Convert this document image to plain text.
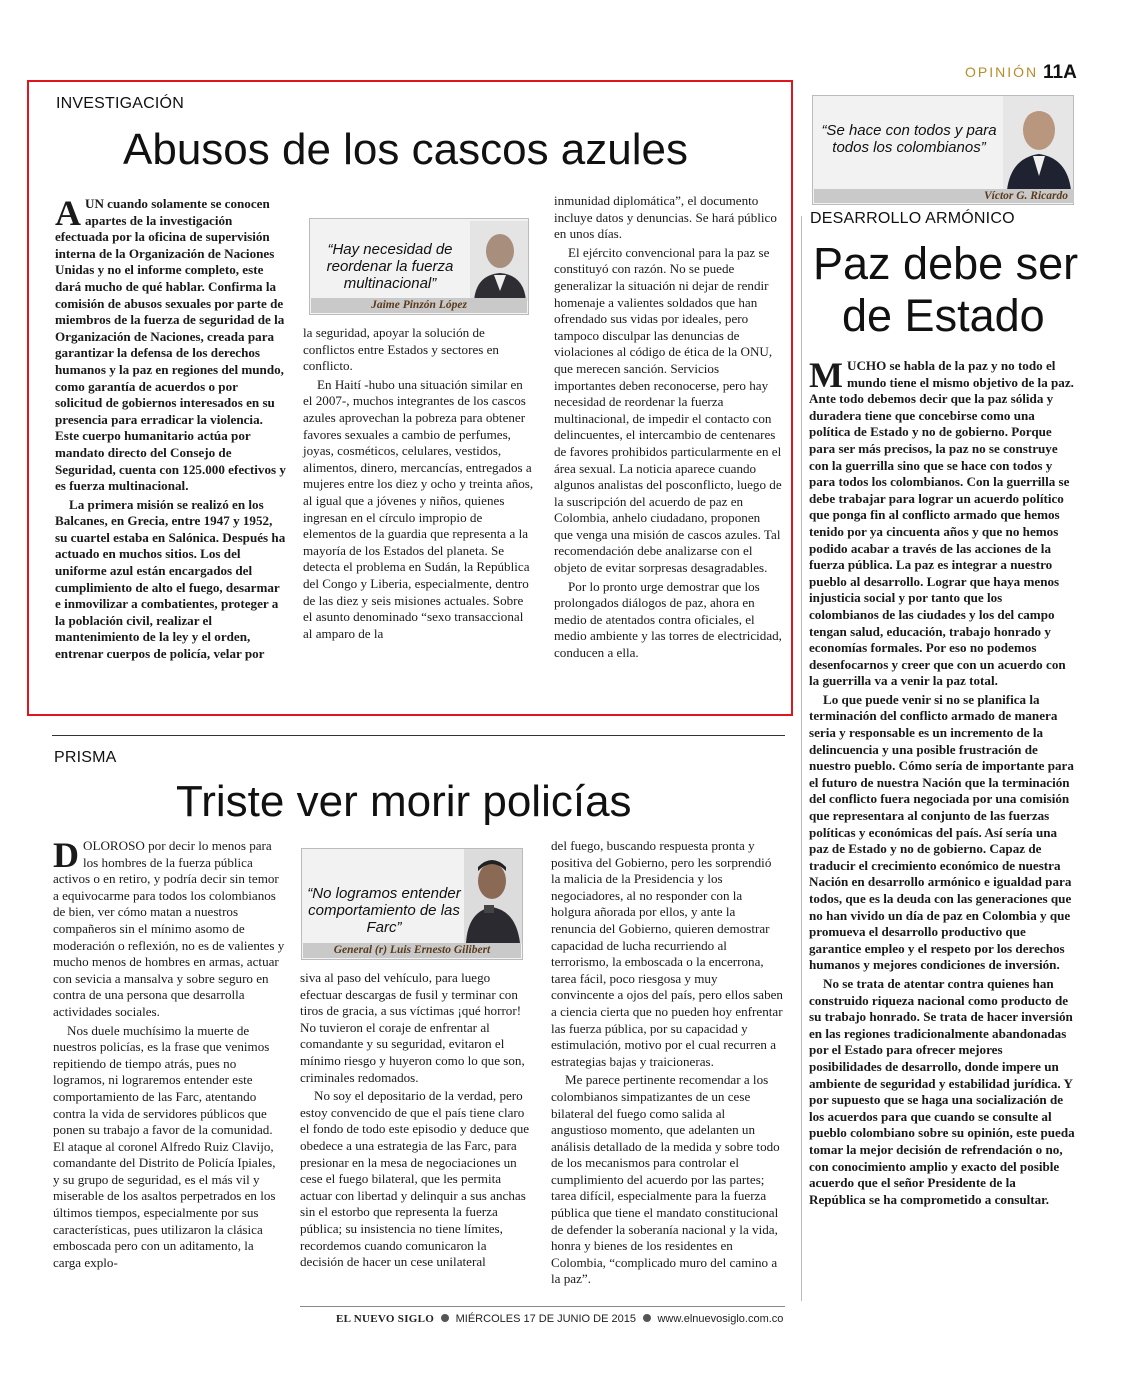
OPINIÓN 11A
INVESTIGACIÓN
Abusos de los cascos azules
A UN cuando solamente se conocen apartes de la investigación efectuada por la oficina de supervisión interna de la Organización de Naciones Unidas y no el informe completo, este dará mucho de qué hablar. Confirma la comisión de abusos sexuales por parte de miembros de la fuerza de seguridad de la Organización de Naciones, creada para garantizar la defensa de los derechos humanos y la paz en regiones del mundo, como garantía de acuerdos o por solicitud de gobiernos interesados en su presencia para erradicar la violencia. Este cuerpo humanitario actúa por mandato directo del Consejo de Seguridad, cuenta con 125.000 efectivos y es fuerza multinacional.

La primera misión se realizó en los Balcanes, en Grecia, entre 1947 y 1952, su cuartel estaba en Salónica. Después ha actuado en muchos sitios. Los del uniforme azul están encargados del cumplimiento de alto el fuego, desarmar e inmovilizar a combatientes, proteger a la población civil, realizar el mantenimiento de la ley y el orden, entrenar cuerpos de policía, velar por

“Hay necesidad de reordenar la fuerza multinacional”
Jaime Pinzón López

la seguridad, apoyar la solución de conflictos entre Estados y sectores en conflicto.

En Haití -hubo una situación similar en el 2007-, muchos integrantes de los cascos azules aprovechan la pobreza para obtener favores sexuales a cambio de perfumes, joyas, cosméticos, celulares, vestidos, alimentos, dinero, mercancías, entregados a mujeres entre los diez y ocho y treinta años, al igual que a jóvenes y niños, quienes ingresan en el círculo impropio de elementos de la guardia que representa a la mayoría de los Estados del planeta. Se detecta el problema en Sudán, la República del Congo y Liberia, especialmente, dentro de las diez y seis misiones actuales. Sobre el asunto denominado “sexo transaccional al amparo de la

inmunidad diplomática”, el documento incluye datos y denuncias. Se hará público en unos días.

El ejército convencional para la paz se constituyó con razón. No se puede generalizar la situación ni dejar de rendir homenaje a valientes soldados que han ofrendado sus vidas por ideales, pero tampoco disculpar las denuncias de violaciones al código de ética de la ONU, que merecen sanción. Servicios importantes deben reconocerse, pero hay necesidad de reordenar la fuerza multinacional, de impedir el contacto con delincuentes, el intercambio de centenares de favores prohibidos particularmente en el área sexual. La noticia aparece cuando algunos analistas del posconflicto, luego de la suscripción del acuerdo de paz en Colombia, anhelo ciudadano, proponen que venga una misión de cascos azules. Tal recomendación debe analizarse con el objeto de evitar sorpresas desagradables.

Por lo pronto urge demostrar que los prolongados diálogos de paz, ahora en medio de atentados contra oficiales, el medio ambiente y las torres de electricidad, conducen a ella.

PRISMA
Triste ver morir policías
D OLOROSO por decir lo menos para los hombres de la fuerza pública activos o en retiro, y podría decir sin temor a equivocarme para todos los colombianos de bien, ver cómo matan a nuestros compañeros sin el mínimo asomo de moderación o reflexión, no es de valientes y mucho menos de hombres en armas, actuar con sevicia a mansalva y sobre seguro en contra de una persona que desarrolla actividades sociales.

Nos duele muchísimo la muerte de nuestros policías, es la frase que venimos repitiendo de tiempo atrás, pues no logramos, ni lograremos entender este comportamiento de las Farc, atentando contra la vida de servidores públicos que ponen su trabajo a favor de la comunidad. El ataque al coronel Alfredo Ruiz Clavijo, comandante del Distrito de Policía Ipiales, y su grupo de seguridad, es el más vil y miserable de los asaltos perpetrados en los últimos tiempos, especialmente por sus características, pues utilizaron la clásica emboscada pero con un aditamento, la carga explo-

“No logramos entender comportamiento de las Farc”
General (r) Luis Ernesto Gilibert

siva al paso del vehículo, para luego efectuar descargas de fusil y terminar con tiros de gracia, a sus víctimas ¡qué horror! No tuvieron el coraje de enfrentar al comandante y su seguridad, evitaron el mínimo riesgo y huyeron como lo que son, criminales redomados.

No soy el depositario de la verdad, pero estoy convencido de que el país tiene claro el fondo de todo este episodio y deduce que obedece a una estrategia de las Farc, para presionar en la mesa de negociaciones un cese el fuego bilateral, que les permita actuar con libertad y delinquir a sus anchas sin el estorbo que representa la fuerza pública; su insistencia no tiene límites, recordemos cuando comunicaron la decisión de hacer un cese unilateral

del fuego, buscando respuesta pronta y positiva del Gobierno, pero les sorprendió la malicia de la Presidencia y los negociadores, al no responder con la holgura añorada por ellos, y ante la renuncia del Gobierno, quieren demostrar capacidad de lucha recurriendo al terrorismo, la emboscada o la encerrona, tarea fácil, poco riesgosa y muy convincente a ojos del país, pero ellos saben a ciencia cierta que no pueden hoy enfrentar las fuerza pública, por su capacidad y estimulación, motivo por el cual recurren a estrategias bajas y traicioneras.

Me parece pertinente recomendar a los colombianos simpatizantes de un cese bilateral del fuego como salida al angustioso momento, que adelanten un análisis detallado de la medida y sobre todo de los mecanismos para controlar el cumplimiento del acuerdo por las partes; tarea difícil, especialmente para la fuerza pública que tiene el mandato constitucional de defender la soberanía nacional y la vida, honra y bienes de los residentes en Colombia, “complicado muro del camino a la paz”.

“Se hace con todos y para todos los colombianos”
Víctor G. Ricardo
DESARROLLO ARMÓNICO
Paz debe ser
de Estado
M UCHO se habla de la paz y no todo el mundo tiene el mismo objetivo de la paz. Ante todo debemos decir que la paz sólida y duradera tiene que concebirse como una política de Estado y no de gobierno. Porque para ser más precisos, la paz no se construye con la guerrilla sino que se hace con todos y para todos los colombianos. Con la guerrilla se debe trabajar para lograr un acuerdo político que ponga fin al conflicto armado que hemos tenido por ya cincuenta años y que no hemos podido acabar a través de las acciones de la fuerza pública. La paz es integrar a nuestro pueblo al desarrollo. Lograr que haya menos injusticia social y por tanto que los colombianos de las ciudades y los del campo tengan salud, educación, trabajo honrado y economías formales. Por eso no podemos desenfocarnos y creer que con un acuerdo con la guerrilla va a venir la paz total.

Lo que puede venir si no se planifica la terminación del conflicto armado de manera seria y responsable es un incremento de la delincuencia y una posible frustración de nuestro pueblo. Cómo sería de importante para el futuro de nuestra Nación que la terminación del conflicto fuera negociada por una comisión que representara al conjunto de las fuerzas políticas y económicas del país. Así sería una paz de Estado y no de gobierno. Capaz de traducir el crecimiento económico de nuestra Nación en desarrollo armónico e igualdad para todos, que es la deuda con las generaciones que no han vivido un día de paz en Colombia y que promueva el desarrollo productivo que garantice empleo y el respeto por los derechos humanos y mejores condiciones de inversión.

No se trata de atentar contra quienes han construido riqueza nacional como producto de su trabajo honrado. Se trata de hacer inversión en las regiones tradicionalmente abandonadas por el Estado para ofrecer mejores posibilidades de desarrollo, donde impere un ambiente de seguridad y estabilidad jurídica. Y por supuesto que se haga una socialización de los acuerdos para que cuando se consulte al pueblo colombiano sobre su opinión, este pueda tomar la mejor decisión de refrendación o no, con conocimiento amplio y exacto del posible acuerdo que el señor Presidente de la República se ha comprometido a consultar.

EL NUEVO SIGLO MIÉRCOLES 17 DE JUNIO DE 2015 www.elnuevosiglo.com.co
